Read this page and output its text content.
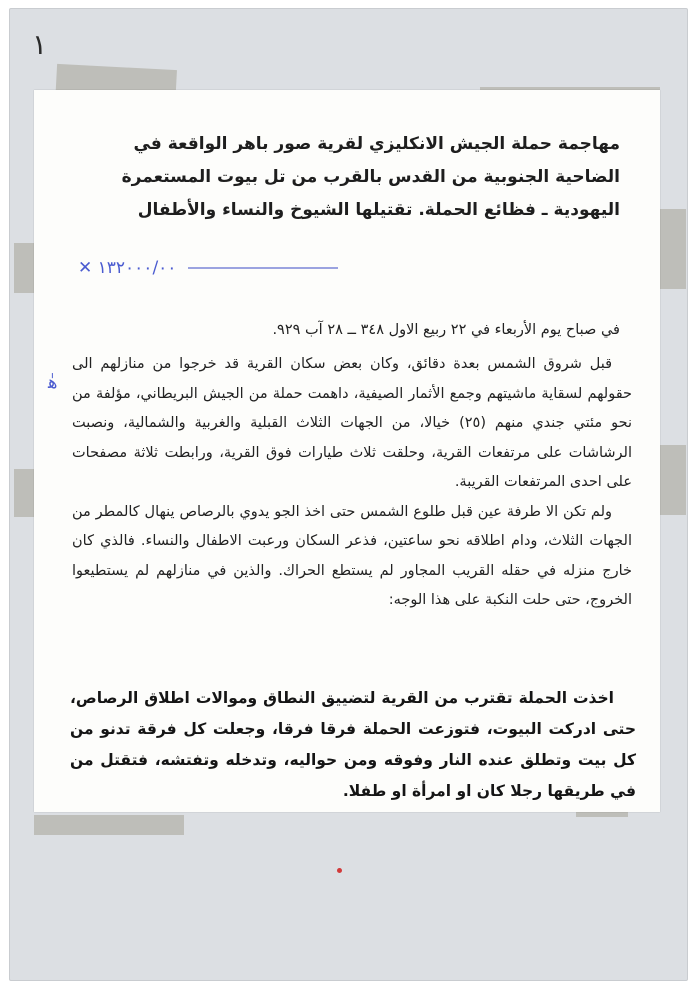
١
مهاجمة حملة الجيش الانكليزي لقرية صور باهر الواقعة في الضاحية الجنوبية من القدس بالقرب من تل بيوت المستعمرة اليهودية ـ فظائع الحملة. تقتيلها الشيوخ والنساء والأطفال
✕ ١٣٢٠٠٠/٠٠
ﻫٰ
في صباح يوم الأربعاء في ٢٢ ربيع الاول ٣٤٨ ــ ٢٨ آب ٩٢٩.

قبل شروق الشمس بعدة دقائق، وكان بعض سكان القرية قد خرجوا من منازلهم الى حقولهم لسقاية ماشيتهم وجمع الأثمار الصيفية، داهمت حملة من الجيش البريطاني، مؤلفة من نحو مئتي جندي منهم (٢٥) خيالا، من الجهات الثلاث القبلية والغربية والشمالية، ونصبت الرشاشات على مرتفعات القرية، وحلقت ثلاث طيارات فوق القرية، ورابطت ثلاثة مصفحات على احدى المرتفعات القريبة.

ولم تكن الا طرفة عين قبل طلوع الشمس حتى اخذ الجو يدوي بالرصاص ينهال كالمطر من الجهات الثلاث، ودام اطلاقه نحو ساعتين، فذعر السكان ورعبت الاطفال والنساء. فالذي كان خارج منزله في حقله القريب المجاور لم يستطع الحراك. والذين في منازلهم لم يستطيعوا الخروج، حتى حلت النكبة على هذا الوجه:

اخذت الحملة تقترب من القرية لتضييق النطاق وموالات اطلاق الرصاص، حتى ادركت البيوت، فتوزعت الحملة فرقا فرقا، وجعلت كل فرقة تدنو من كل بيت وتطلق عنده النار وفوقه ومن حواليه، وتدخله وتفتشه، فتقتل من في طريقها رجلا كان او امرأة او طفلا.
